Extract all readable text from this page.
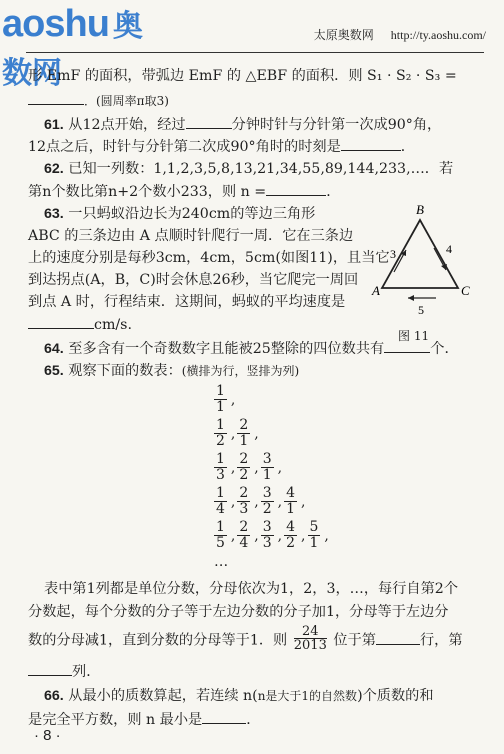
aoshu 奥数网
太原奥数网 http://ty.aoshu.com/
形 EmF 的面积，带弧边 EmF 的 △EBF 的面积．则 S₁ · S₂ · S₃ =
．(圆周率π取3)
61. 从12点开始，经过	分钟时针与分针第一次成90°角，
12点之后，时针与分针第二次成90°角时的时刻是	．
62. 已知一列数：1,1,2,3,5,8,13,21,34,55,89,144,233,…．若
第n个数比第n+2个数小233，则 n =	．
63. 一只蚂蚁沿边长为240cm的等边三角形
ABC 的三条边由 A 点顺时针爬行一周．它在三条边
上的速度分别是每秒3cm，4cm，5cm(如图11)，且当它
到达拐点(A，B，C)时会休息26秒，当它爬完一周回
到点 A 时，行程结束．这期间，蚂蚁的平均速度是
cm/s.
B
A	C
3	4
5
图 11
64. 至多含有一个奇数数字且能被25整除的四位数共有	个．
65. 观察下面的数表：(横排为行，竖排为列)
$\frac{1}{1}$ ,
$\frac{1}{2}$ , $\frac{2}{1}$ ,
$\frac{1}{3}$ , $\frac{2}{2}$ , $\frac{3}{1}$ ,
$\frac{1}{4}$ , $\frac{2}{3}$ , $\frac{3}{2}$ , $\frac{4}{1}$ ,
$\frac{1}{5}$ , $\frac{2}{4}$ , $\frac{3}{3}$ , $\frac{4}{2}$ , $\frac{5}{1}$ ,
…
表中第1列都是单位分数，分母依次为1，2，3，…，每行自第2个
分数起，每个分数的分子等于左边分数的分子加1，分母等于左边分
数的分母减1，直到分数的分母等于1．则 $\frac{24}{2013}$ 位于第	行，第
列．
66. 从最小的质数算起，若连续 n(n是大于1的自然数)个质数的和
是完全平方数，则 n 最小是	．
· 8 ·
